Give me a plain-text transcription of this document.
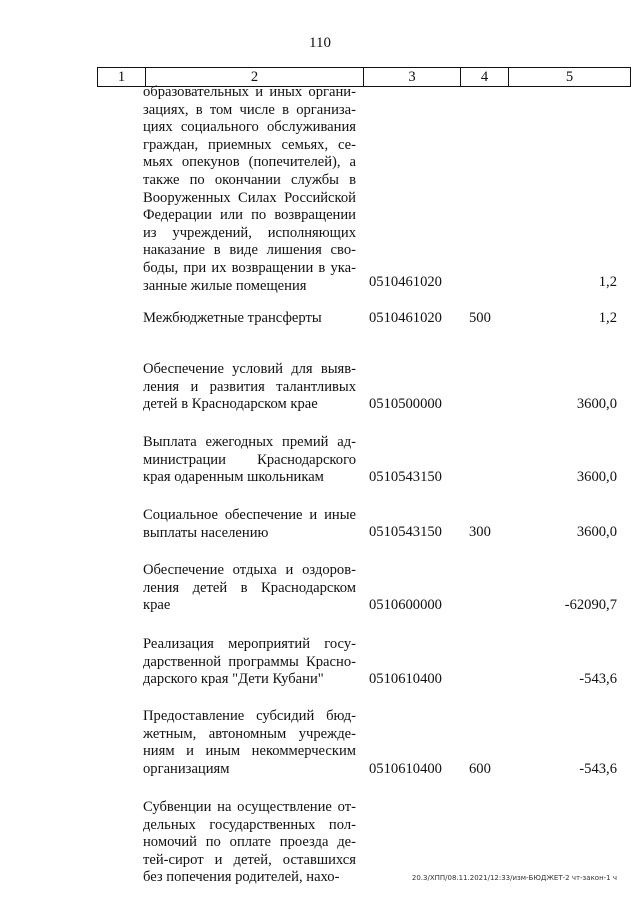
110
1	2	3	4	5
образовательных и иных организациях, в том числе в организациях социального обслуживания граждан, приемных семьях, семьях опекунов (попечителей), а также по окончании службы в Вооруженных Силах Российской Федерации или по возвращении из учреждений, исполняющих наказание в виде лишения свободы, при их возвращении в указанные жилые помещения	0510461020	1,2
Межбюджетные трансферты	0510461020 500	1,2
Обеспечение условий для выявления и развития талантливых детей в Краснодарском крае	0510500000	3600,0
Выплата ежегодных премий администрации Краснодарского края одаренным школьникам	0510543150	3600,0
Социальное обеспечение и иные выплаты населению	0510543150 300	3600,0
Обеспечение отдыха и оздоровления детей в Краснодарском крае	0510600000	-62090,7
Реализация мероприятий государственной программы Краснодарского края "Дети Кубани"	0510610400	-543,6
Предоставление субсидий бюджетным, автономным учреждениям и иным некоммерческим организациям	0510610400 600	-543,6
Субвенции на осуществление отдельных государственных полномочий по оплате проезда детей-сирот и детей, оставшихся без попечения родителей, нахо-	20.3/ХПП/08.11.2021/12:33/изм-БЮДЖЕТ-2 чт-закон-1 ч
